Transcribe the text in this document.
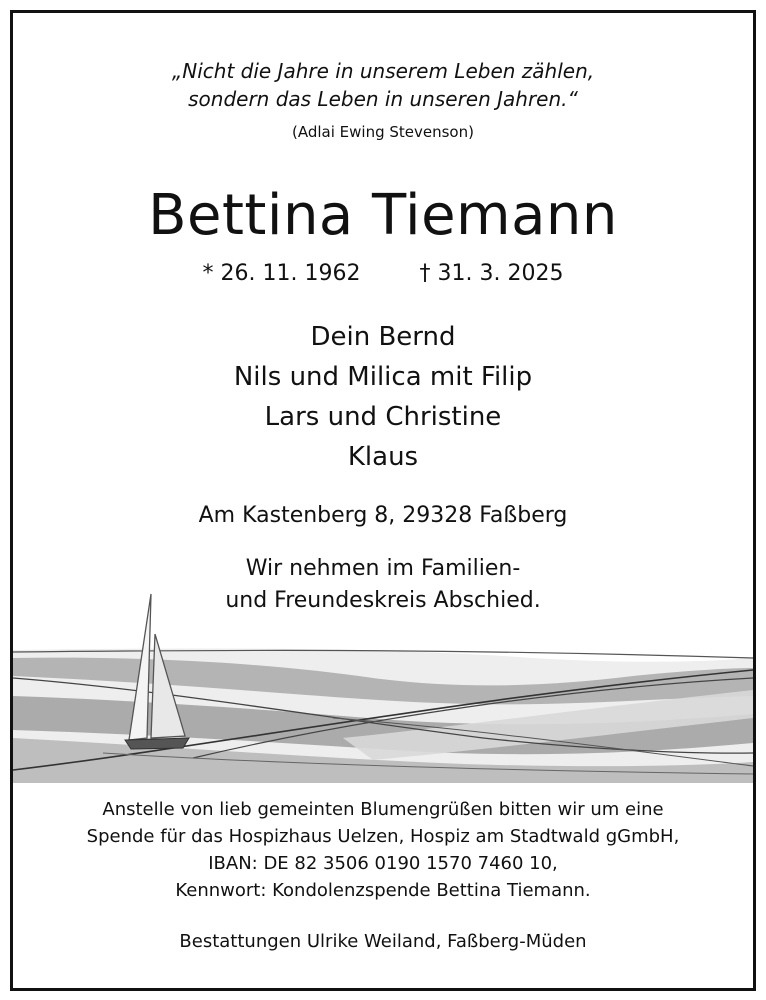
„Nicht die Jahre in unserem Leben zählen,
sondern das Leben in unseren Jahren.“
(Adlai Ewing Stevenson)
Bettina Tiemann
* 26. 11. 1962	† 31. 3. 2025
Dein Bernd
Nils und Milica mit Filip
Lars und Christine
Klaus
Am Kastenberg 8, 29328 Faßberg
Wir nehmen im Familien-
und Freundeskreis Abschied.
Anstelle von lieb gemeinten Blumengrüßen bitten wir um eine
Spende für das Hospizhaus Uelzen, Hospiz am Stadtwald gGmbH,
IBAN: DE 82 3506 0190 1570 7460 10,
Kennwort: Kondolenzspende Bettina Tiemann.
Bestattungen Ulrike Weiland, Faßberg-Müden
